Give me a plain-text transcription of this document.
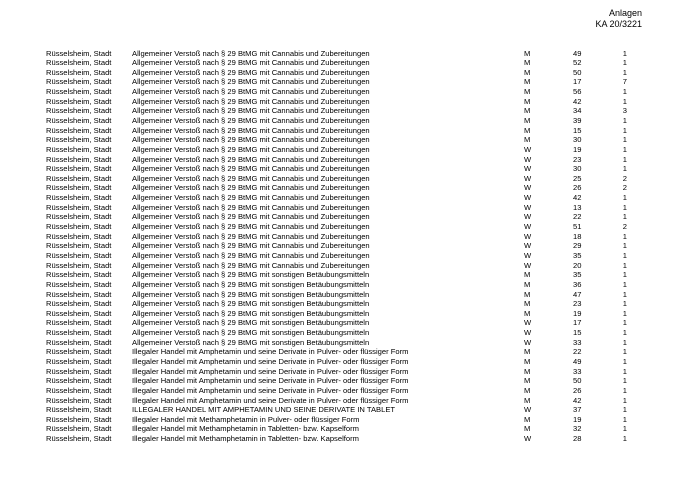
Anlagen
KA 20/3221
Rüsselsheim, Stadt	Allgemeiner Verstoß nach § 29 BtMG mit Cannabis und Zubereitungen	M	49	1
Rüsselsheim, Stadt	Allgemeiner Verstoß nach § 29 BtMG mit Cannabis und Zubereitungen	M	52	1
Rüsselsheim, Stadt	Allgemeiner Verstoß nach § 29 BtMG mit Cannabis und Zubereitungen	M	50	1
Rüsselsheim, Stadt	Allgemeiner Verstoß nach § 29 BtMG mit Cannabis und Zubereitungen	M	17	7
Rüsselsheim, Stadt	Allgemeiner Verstoß nach § 29 BtMG mit Cannabis und Zubereitungen	M	56	1
Rüsselsheim, Stadt	Allgemeiner Verstoß nach § 29 BtMG mit Cannabis und Zubereitungen	M	42	1
Rüsselsheim, Stadt	Allgemeiner Verstoß nach § 29 BtMG mit Cannabis und Zubereitungen	M	34	3
Rüsselsheim, Stadt	Allgemeiner Verstoß nach § 29 BtMG mit Cannabis und Zubereitungen	M	39	1
Rüsselsheim, Stadt	Allgemeiner Verstoß nach § 29 BtMG mit Cannabis und Zubereitungen	M	15	1
Rüsselsheim, Stadt	Allgemeiner Verstoß nach § 29 BtMG mit Cannabis und Zubereitungen	M	30	1
Rüsselsheim, Stadt	Allgemeiner Verstoß nach § 29 BtMG mit Cannabis und Zubereitungen	W	19	1
Rüsselsheim, Stadt	Allgemeiner Verstoß nach § 29 BtMG mit Cannabis und Zubereitungen	W	23	1
Rüsselsheim, Stadt	Allgemeiner Verstoß nach § 29 BtMG mit Cannabis und Zubereitungen	W	30	1
Rüsselsheim, Stadt	Allgemeiner Verstoß nach § 29 BtMG mit Cannabis und Zubereitungen	W	25	2
Rüsselsheim, Stadt	Allgemeiner Verstoß nach § 29 BtMG mit Cannabis und Zubereitungen	W	26	2
Rüsselsheim, Stadt	Allgemeiner Verstoß nach § 29 BtMG mit Cannabis und Zubereitungen	W	42	1
Rüsselsheim, Stadt	Allgemeiner Verstoß nach § 29 BtMG mit Cannabis und Zubereitungen	W	13	1
Rüsselsheim, Stadt	Allgemeiner Verstoß nach § 29 BtMG mit Cannabis und Zubereitungen	W	22	1
Rüsselsheim, Stadt	Allgemeiner Verstoß nach § 29 BtMG mit Cannabis und Zubereitungen	W	51	2
Rüsselsheim, Stadt	Allgemeiner Verstoß nach § 29 BtMG mit Cannabis und Zubereitungen	W	18	1
Rüsselsheim, Stadt	Allgemeiner Verstoß nach § 29 BtMG mit Cannabis und Zubereitungen	W	29	1
Rüsselsheim, Stadt	Allgemeiner Verstoß nach § 29 BtMG mit Cannabis und Zubereitungen	W	35	1
Rüsselsheim, Stadt	Allgemeiner Verstoß nach § 29 BtMG mit Cannabis und Zubereitungen	W	20	1
Rüsselsheim, Stadt	Allgemeiner Verstoß nach § 29 BtMG mit sonstigen Betäubungsmitteln	M	35	1
Rüsselsheim, Stadt	Allgemeiner Verstoß nach § 29 BtMG mit sonstigen Betäubungsmitteln	M	36	1
Rüsselsheim, Stadt	Allgemeiner Verstoß nach § 29 BtMG mit sonstigen Betäubungsmitteln	M	47	1
Rüsselsheim, Stadt	Allgemeiner Verstoß nach § 29 BtMG mit sonstigen Betäubungsmitteln	M	23	1
Rüsselsheim, Stadt	Allgemeiner Verstoß nach § 29 BtMG mit sonstigen Betäubungsmitteln	M	19	1
Rüsselsheim, Stadt	Allgemeiner Verstoß nach § 29 BtMG mit sonstigen Betäubungsmitteln	W	17	1
Rüsselsheim, Stadt	Allgemeiner Verstoß nach § 29 BtMG mit sonstigen Betäubungsmitteln	W	15	1
Rüsselsheim, Stadt	Allgemeiner Verstoß nach § 29 BtMG mit sonstigen Betäubungsmitteln	W	33	1
Rüsselsheim, Stadt	Illegaler Handel mit Amphetamin und seine Derivate in Pulver- oder flüssiger Form	M	22	1
Rüsselsheim, Stadt	Illegaler Handel mit Amphetamin und seine Derivate in Pulver- oder flüssiger Form	M	49	1
Rüsselsheim, Stadt	Illegaler Handel mit Amphetamin und seine Derivate in Pulver- oder flüssiger Form	M	33	1
Rüsselsheim, Stadt	Illegaler Handel mit Amphetamin und seine Derivate in Pulver- oder flüssiger Form	M	50	1
Rüsselsheim, Stadt	Illegaler Handel mit Amphetamin und seine Derivate in Pulver- oder flüssiger Form	M	26	1
Rüsselsheim, Stadt	Illegaler Handel mit Amphetamin und seine Derivate in Pulver- oder flüssiger Form	M	42	1
Rüsselsheim, Stadt	ILLEGALER HANDEL MIT AMPHETAMIN UND SEINE DERIVATE IN TABLET	W	37	1
Rüsselsheim, Stadt	Illegaler Handel mit Methamphetamin in Pulver- oder flüssiger Form	M	19	1
Rüsselsheim, Stadt	Illegaler Handel mit Methamphetamin in Tabletten- bzw. Kapselform	M	32	1
Rüsselsheim, Stadt	Illegaler Handel mit Methamphetamin in Tabletten- bzw. Kapselform	W	28	1
